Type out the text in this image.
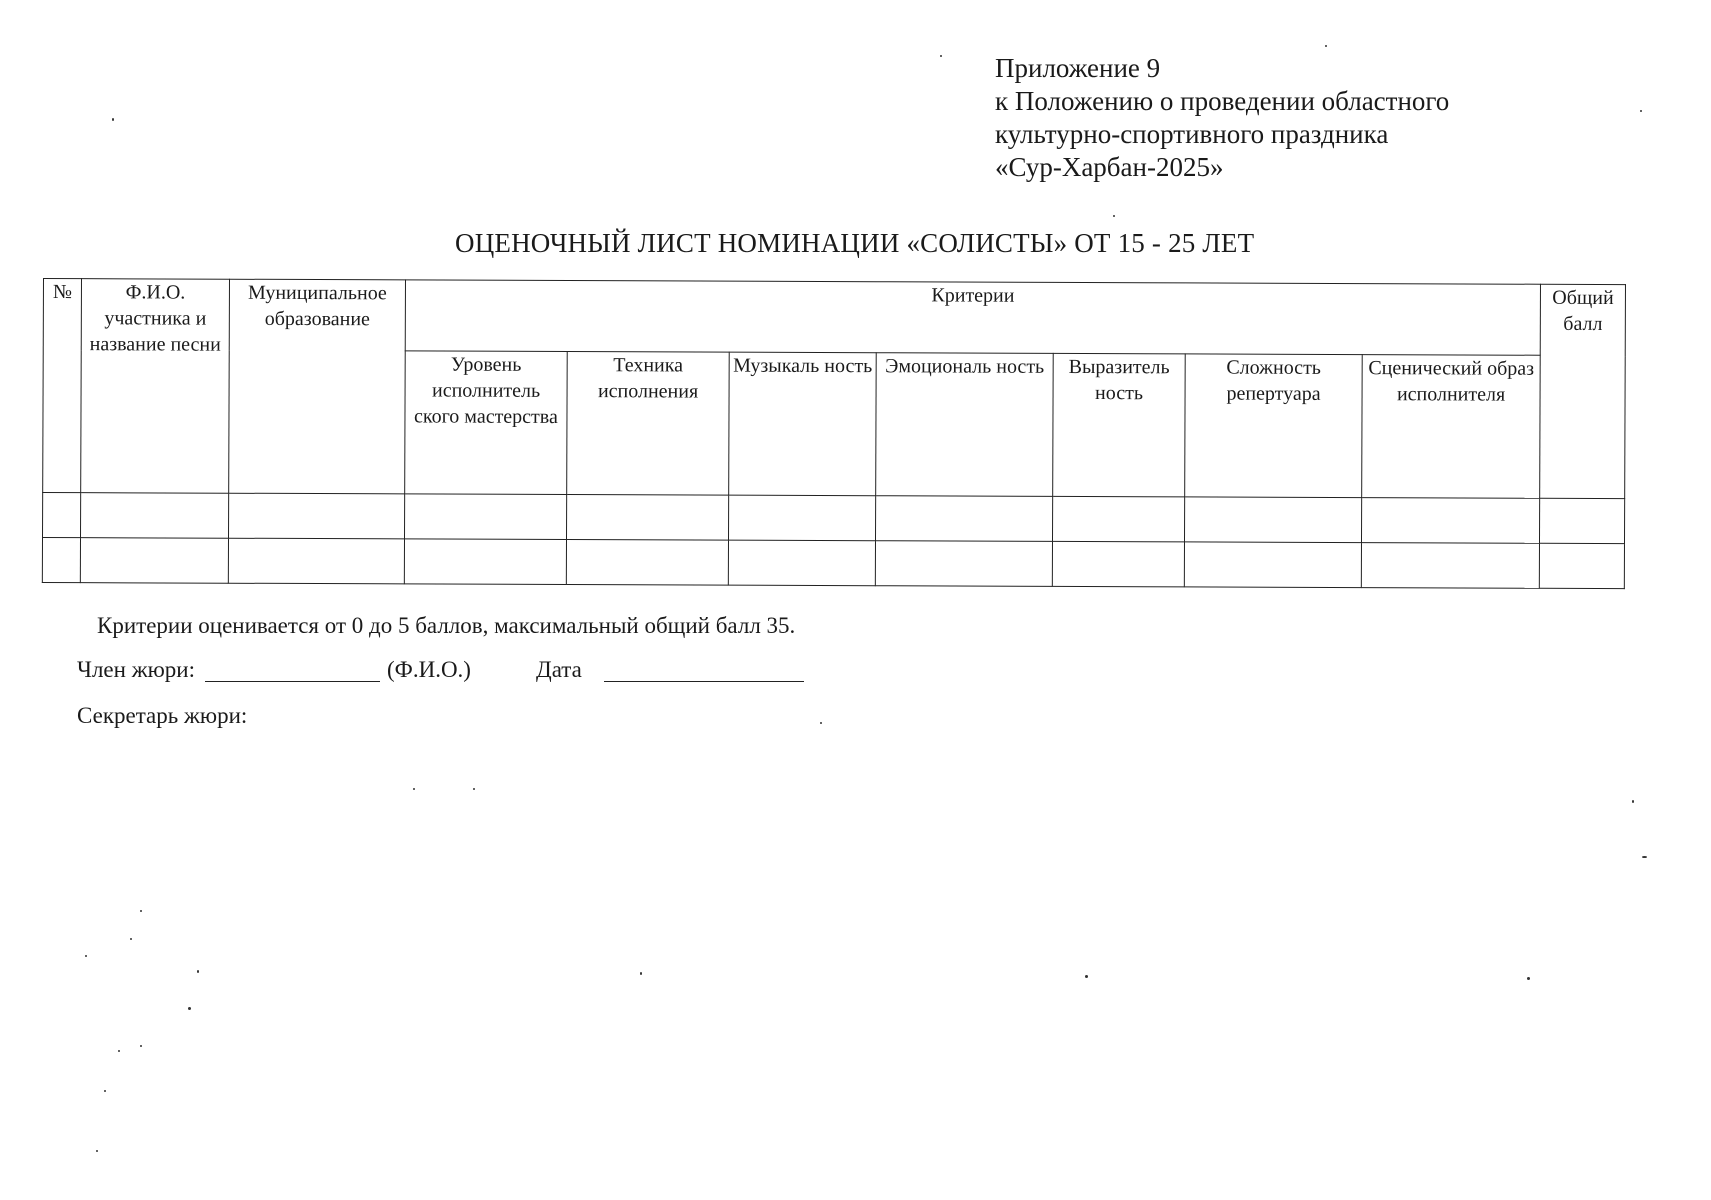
Приложение 9
к Положению о проведении областного
культурно-спортивного праздника
«Сур-Харбан-2025»
ОЦЕНОЧНЫЙ ЛИСТ НОМИНАЦИИ «СОЛИСТЫ» ОТ 15 - 25 ЛЕТ
№	Ф.И.О. участника и название песни	Муниципальное образование	Критерии							Общий балл
			Уровень исполнитель ского мастерства	Техника исполнения	Музыкаль ность	Эмоциональ ность	Выразитель ность	Сложность репертуара	Сценический образ исполнителя	

Критерии оценивается от 0 до 5 баллов, максимальный общий балл 35.
Член жюри:	(Ф.И.О.)	Дата
Секретарь жюри:
